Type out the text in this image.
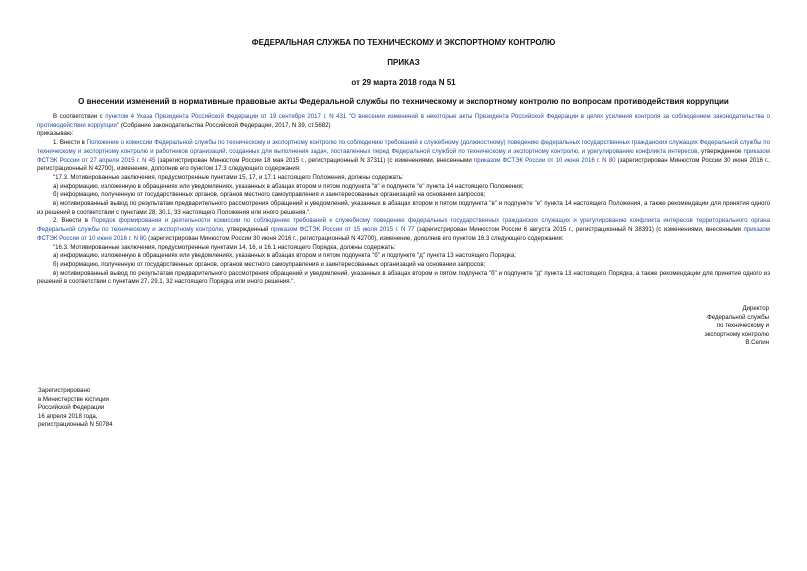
ФЕДЕРАЛЬНАЯ СЛУЖБА ПО ТЕХНИЧЕСКОМУ И ЭКСПОРТНОМУ КОНТРОЛЮ
ПРИКАЗ
от 29 марта 2018 года N 51
О внесении изменений в нормативные правовые акты Федеральной службы по техническому и экспортному контролю по вопросам противодействия коррупции

В соответствии с пунктом 4 Указа Президента Российской Федерации от 19 сентября 2017 г. N 431 "О внесении изменений в некоторые акты Президента Российской Федерации в целях усиления контроля за соблюдением законодательства о противодействии коррупции" (Собрание законодательства Российской Федерации, 2017, N 39, ст.5682)

приказываю:

1. Внести в Положение о комиссии Федеральной службы по техническому и экспортному контролю по соблюдению требований к служебному (должностному) поведению федеральных государственных гражданских служащих Федеральной службы по техническому и экспортному контролю и работников организаций, созданных для выполнения задач, поставленных перед Федеральной службой по техническому и экспортному контролю, и урегулированию конфликта интересов, утвержденное приказом ФСТЭК России от 27 апреля 2015 г. N 45 (зарегистрирован Минюстом России 18 мая 2015 г., регистрационный N 37311) (с изменениями, внесенными приказом ФСТЭК России от 10 июня 2016 г. N 80 (зарегистрирован Минюстом России 30 июня 2016 г., регистрационный N 42700), изменение, дополнив его пунктом 17.3 следующего содержания:

"17.3. Мотивированные заключения, предусмотренные пунктами 15, 17, и 17.1 настоящего Положения, должны содержать:

а) информацию, изложенную в обращениях или уведомлениях, указанных в абзацах втором и пятом подпункта "в" и подпункте "е" пункта 14 настоящего Положения;

б) информацию, полученную от государственных органов, органов местного самоуправления и заинтересованных организаций на основании запросов;

в) мотивированный вывод по результатам предварительного рассмотрения обращений и уведомлений, указанных в абзацах втором и пятом подпункта "в" и подпункте "е" пункта 14 настоящего Положения, а также рекомендации для принятия одного из решений в соответствии с пунктами 28, 30.1, 33 настоящего Положения или иного решения.".

2. Внести в Порядок формирования и деятельности комиссии по соблюдению требований к служебному поведению федеральных государственных гражданских служащих и урегулированию конфликта интересов территориального органа Федеральной службы по техническому и экспортному контролю, утвержденный приказом ФСТЭК России от 15 июля 2015 г. N 77 (зарегистрирован Минюстом России 6 августа 2015 г., регистрационный N 38391) (с изменениями, внесенными приказом ФСТЭК России от 10 июня 2016 г. N 80 (зарегистрирован Минюстом России 30 июня 2016 г., регистрационный N 42700), изменение, дополнив его пунктом 16.3 следующего содержания:

"16.3. Мотивированные заключения, предусмотренные пунктами 14, 16, и 16.1 настоящего Порядка, должны содержать:

а) информацию, изложенную в обращениях или уведомлениях, указанных в абзацах втором и пятом подпункта "б" и подпункте "д" пункта 13 настоящего Порядка;

б) информацию, полученную от государственных органов, органов местного самоуправления и заинтересованных организаций на основании запросов;

в) мотивированный вывод по результатам предварительного рассмотрения обращений и уведомлений, указанных в абзацах втором и пятом подпункта "б" и подпункте "д" пункта 13 настоящего Порядка, а также рекомендации для принятия одного из решений в соответствии с пунктами 27, 29.1, 32 настоящего Порядка или иного решения.".

Директор
Федеральной службы
по техническому и
экспортному контролю
В.Селин
Зарегистрировано
в Министерстве юстиции
Российской Федерации
16 апреля 2018 года,
регистрационный N 50784
